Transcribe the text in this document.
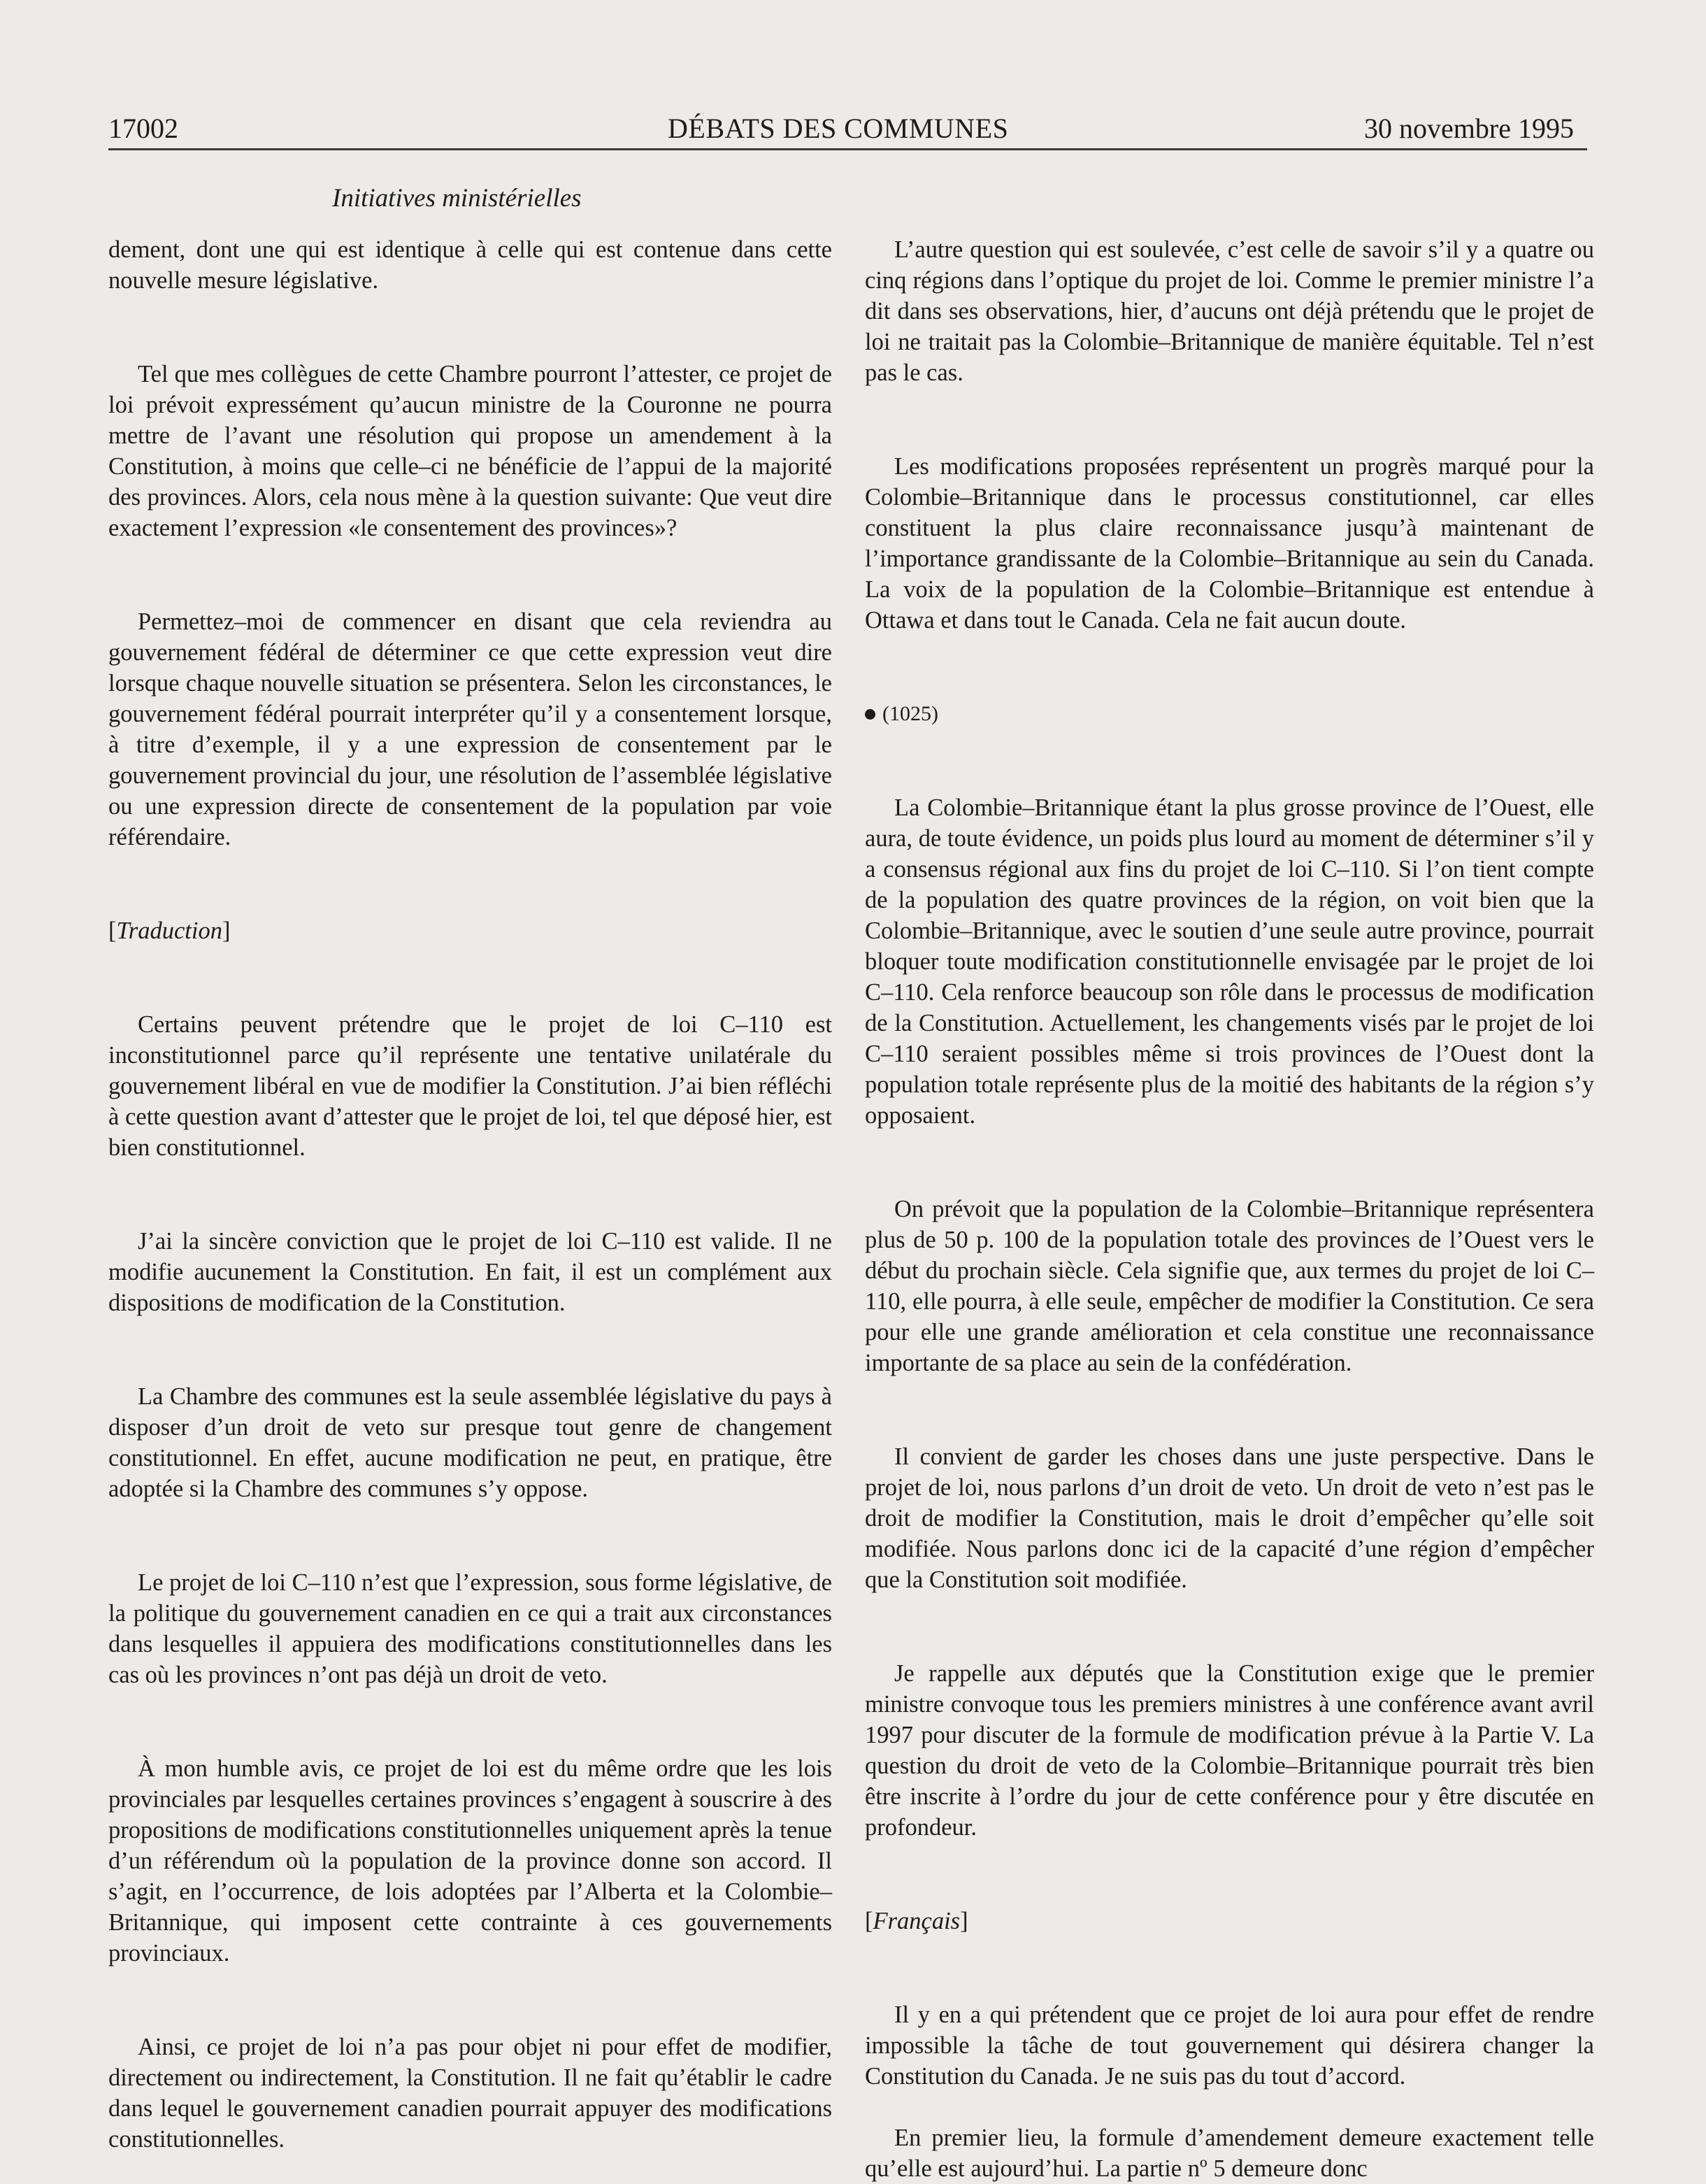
17002	DÉBATS DES COMMUNES	30 novembre 1995
Initiatives ministérielles

dement, dont une qui est identique à celle qui est contenue dans cette nouvelle mesure législative.

Tel que mes collègues de cette Chambre pourront l’attester, ce projet de loi prévoit expressément qu’aucun ministre de la Couronne ne pourra mettre de l’avant une résolution qui propose un amendement à la Constitution, à moins que celle–ci ne bénéficie de l’appui de la majorité des provinces. Alors, cela nous mène à la question suivante: Que veut dire exactement l’expression «le consentement des provinces»?

Permettez–moi de commencer en disant que cela reviendra au gouvernement fédéral de déterminer ce que cette expression veut dire lorsque chaque nouvelle situation se présentera. Selon les circonstances, le gouvernement fédéral pourrait interpréter qu’il y a consentement lorsque, à titre d’exemple, il y a une expression de consentement par le gouvernement provincial du jour, une résolution de l’assemblée législative ou une expression directe de consentement de la population par voie référendaire.

[Traduction]

Certains peuvent prétendre que le projet de loi C–110 est inconstitutionnel parce qu’il représente une tentative unilatérale du gouvernement libéral en vue de modifier la Constitution. J’ai bien réfléchi à cette question avant d’attester que le projet de loi, tel que déposé hier, est bien constitutionnel.

J’ai la sincère conviction que le projet de loi C–110 est valide. Il ne modifie aucunement la Constitution. En fait, il est un complément aux dispositions de modification de la Constitution.

La Chambre des communes est la seule assemblée législative du pays à disposer d’un droit de veto sur presque tout genre de changement constitutionnel. En effet, aucune modification ne peut, en pratique, être adoptée si la Chambre des communes s’y oppose.

Le projet de loi C–110 n’est que l’expression, sous forme législative, de la politique du gouvernement canadien en ce qui a trait aux circonstances dans lesquelles il appuiera des modifications constitutionnelles dans les cas où les provinces n’ont pas déjà un droit de veto.

À mon humble avis, ce projet de loi est du même ordre que les lois provinciales par lesquelles certaines provinces s’engagent à souscrire à des propositions de modifications constitutionnelles uniquement après la tenue d’un référendum où la population de la province donne son accord. Il s’agit, en l’occurrence, de lois adoptées par l’Alberta et la Colombie–Britannique, qui imposent cette contrainte à ces gouvernements provinciaux.

Ainsi, ce projet de loi n’a pas pour objet ni pour effet de modifier, directement ou indirectement, la Constitution. Il ne fait qu’établir le cadre dans lequel le gouvernement canadien pourrait appuyer des modifications constitutionnelles.

L’autre question qui est soulevée, c’est celle de savoir s’il y a quatre ou cinq régions dans l’optique du projet de loi. Comme le premier ministre l’a dit dans ses observations, hier, d’aucuns ont déjà prétendu que le projet de loi ne traitait pas la Colombie–Britannique de manière équitable. Tel n’est pas le cas.

Les modifications proposées représentent un progrès marqué pour la Colombie–Britannique dans le processus constitutionnel, car elles constituent la plus claire reconnaissance jusqu’à maintenant de l’importance grandissante de la Colombie–Britannique au sein du Canada. La voix de la population de la Colombie–Britannique est entendue à Ottawa et dans tout le Canada. Cela ne fait aucun doute.

(1025)

La Colombie–Britannique étant la plus grosse province de l’Ouest, elle aura, de toute évidence, un poids plus lourd au moment de déterminer s’il y a consensus régional aux fins du projet de loi C–110. Si l’on tient compte de la population des quatre provinces de la région, on voit bien que la Colombie–Britannique, avec le soutien d’une seule autre province, pourrait bloquer toute modification constitutionnelle envisagée par le projet de loi C–110. Cela renforce beaucoup son rôle dans le processus de modification de la Constitution. Actuellement, les changements visés par le projet de loi C–110 seraient possibles même si trois provinces de l’Ouest dont la population totale représente plus de la moitié des habitants de la région s’y opposaient.

On prévoit que la population de la Colombie–Britannique représentera plus de 50 p. 100 de la population totale des provinces de l’Ouest vers le début du prochain siècle. Cela signifie que, aux termes du projet de loi C–110, elle pourra, à elle seule, empêcher de modifier la Constitution. Ce sera pour elle une grande amélioration et cela constitue une reconnaissance importante de sa place au sein de la confédération.

Il convient de garder les choses dans une juste perspective. Dans le projet de loi, nous parlons d’un droit de veto. Un droit de veto n’est pas le droit de modifier la Constitution, mais le droit d’empêcher qu’elle soit modifiée. Nous parlons donc ici de la capacité d’une région d’empêcher que la Constitution soit modifiée.

Je rappelle aux députés que la Constitution exige que le premier ministre convoque tous les premiers ministres à une conférence avant avril 1997 pour discuter de la formule de modification prévue à la Partie V. La question du droit de veto de la Colombie–Britannique pourrait très bien être inscrite à l’ordre du jour de cette conférence pour y être discutée en profondeur.

[Français]

Il y en a qui prétendent que ce projet de loi aura pour effet de rendre impossible la tâche de tout gouvernement qui désirera changer la Constitution du Canada. Je ne suis pas du tout d’accord.

En premier lieu, la formule d’amendement demeure exactement telle qu’elle est aujourd’hui. La partie nº 5 demeure donc
